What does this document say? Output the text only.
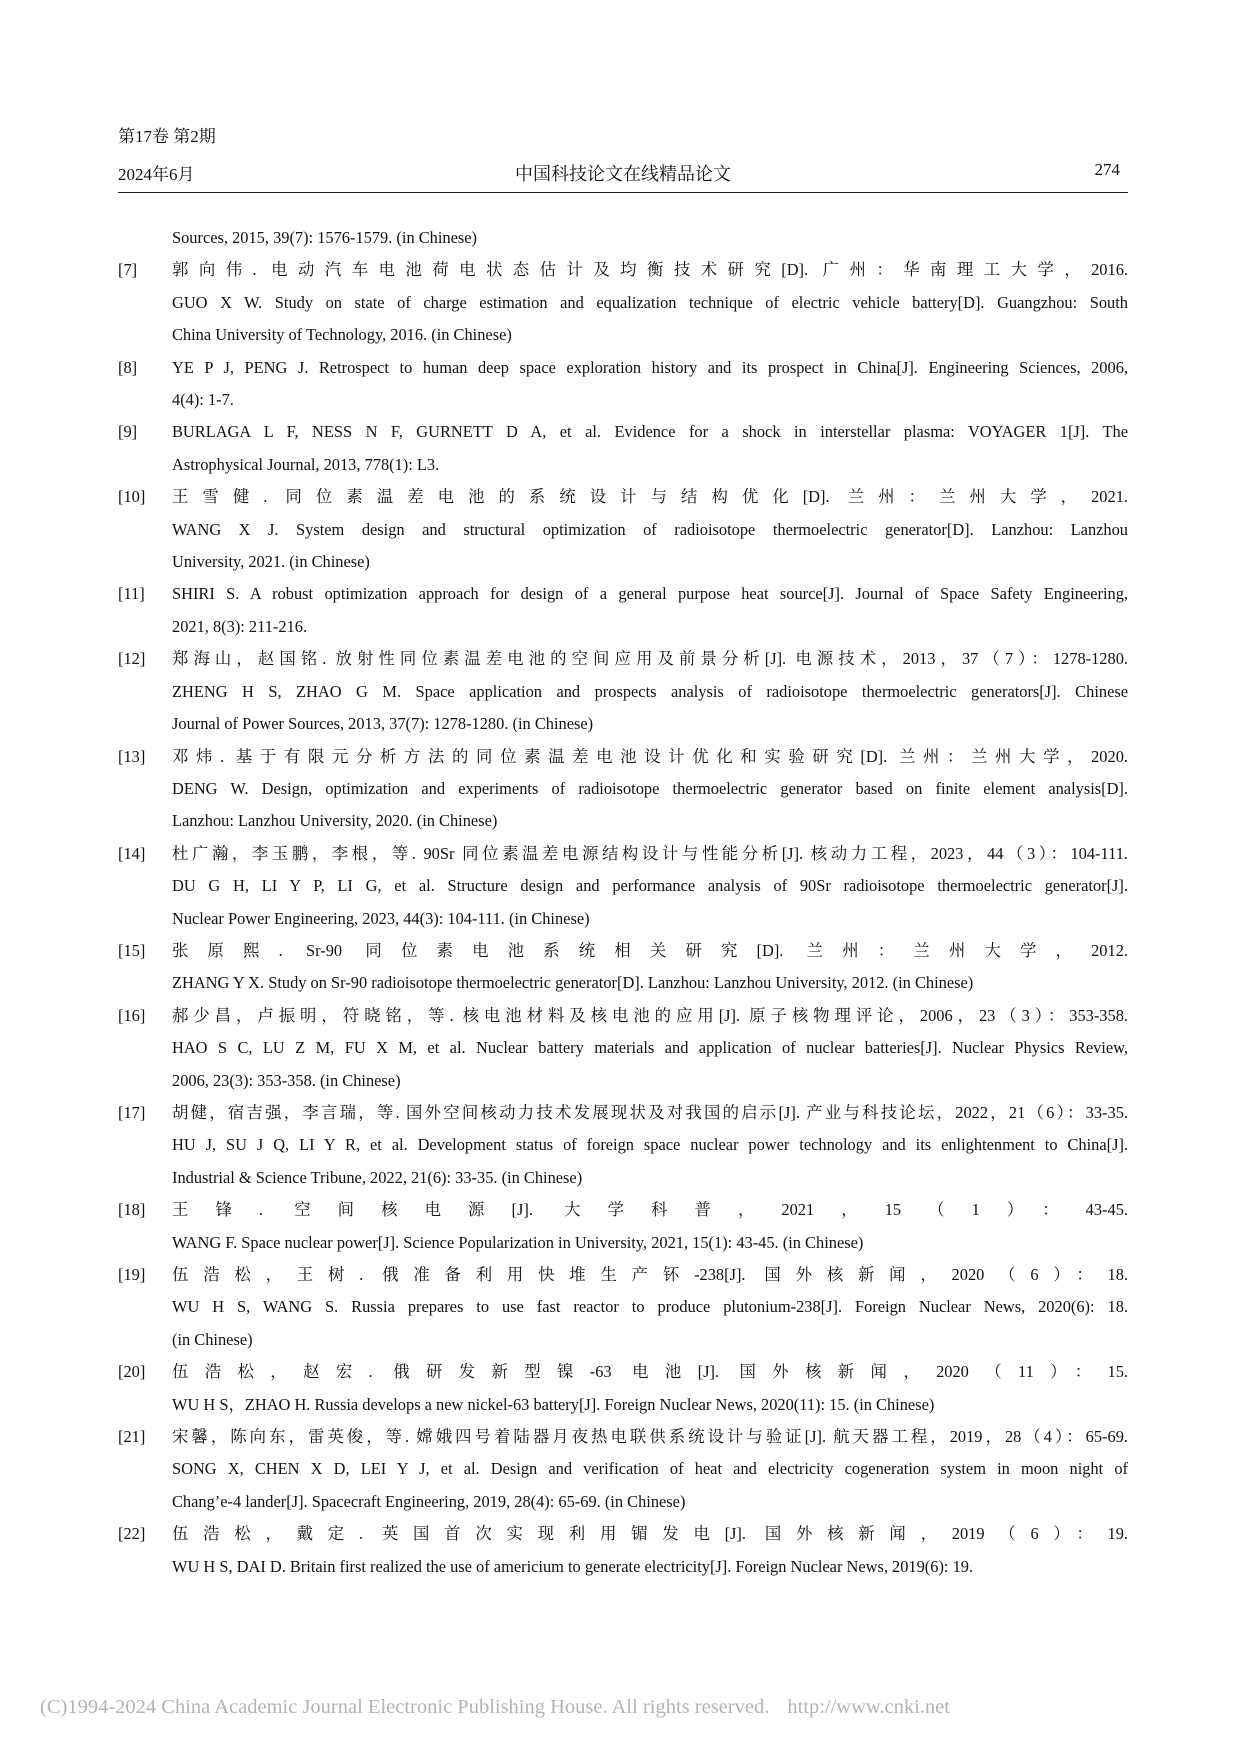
第17卷 第2期
2024年6月	中国科技论文在线精品论文	274
Sources, 2015, 39(7): 1576-1579. (in Chinese)
[7] 郭向伟. 电动汽车电池荷电状态估计及均衡技术研究[D]. 广州：华南理工大学，2016.
GUO X W. Study on state of charge estimation and equalization technique of electric vehicle battery[D]. Guangzhou: South
China University of Technology, 2016. (in Chinese)
[8] YE P J, PENG J. Retrospect to human deep space exploration history and its prospect in China[J]. Engineering Sciences, 2006,
4(4): 1-7.
[9] BURLAGA L F, NESS N F, GURNETT D A, et al. Evidence for a shock in interstellar plasma: VOYAGER 1[J]. The
Astrophysical Journal, 2013, 778(1): L3.
[10] 王雪健. 同位素温差电池的系统设计与结构优化[D]. 兰州：兰州大学，2021.
WANG X J. System design and structural optimization of radioisotope thermoelectric generator[D]. Lanzhou: Lanzhou
University, 2021. (in Chinese)
[11] SHIRI S. A robust optimization approach for design of a general purpose heat source[J]. Journal of Space Safety Engineering,
2021, 8(3): 211-216.
[12] 郑海山，赵国铭. 放射性同位素温差电池的空间应用及前景分析[J]. 电源技术，2013，37（7）：1278-1280.
ZHENG H S, ZHAO G M. Space application and prospects analysis of radioisotope thermoelectric generators[J]. Chinese
Journal of Power Sources, 2013, 37(7): 1278-1280. (in Chinese)
[13] 邓炜. 基于有限元分析方法的同位素温差电池设计优化和实验研究[D]. 兰州：兰州大学，2020.
DENG W. Design, optimization and experiments of radioisotope thermoelectric generator based on finite element analysis[D].
Lanzhou: Lanzhou University, 2020. (in Chinese)
[14] 杜广瀚，李玉鹏，李根，等. 90Sr 同位素温差电源结构设计与性能分析[J]. 核动力工程，2023，44（3）：104-111.
DU G H, LI Y P, LI G, et al. Structure design and performance analysis of 90Sr radioisotope thermoelectric generator[J].
Nuclear Power Engineering, 2023, 44(3): 104-111. (in Chinese)
[15] 张原熙. Sr-90 同位素电池系统相关研究[D]. 兰州：兰州大学，2012.
ZHANG Y X. Study on Sr-90 radioisotope thermoelectric generator[D]. Lanzhou: Lanzhou University, 2012. (in Chinese)
[16] 郝少昌，卢振明，符晓铭，等. 核电池材料及核电池的应用[J]. 原子核物理评论，2006，23（3）：353-358.
HAO S C, LU Z M, FU X M, et al. Nuclear battery materials and application of nuclear batteries[J]. Nuclear Physics Review,
2006, 23(3): 353-358. (in Chinese)
[17] 胡健，宿吉强，李言瑞，等. 国外空间核动力技术发展现状及对我国的启示[J]. 产业与科技论坛，2022，21（6）：33-35.
HU J, SU J Q, LI Y R, et al. Development status of foreign space nuclear power technology and its enlightenment to China[J].
Industrial & Science Tribune, 2022, 21(6): 33-35. (in Chinese)
[18] 王锋. 空间核电源[J]. 大学科普，2021，15（1）：43-45.
WANG F. Space nuclear power[J]. Science Popularization in University, 2021, 15(1): 43-45. (in Chinese)
[19] 伍浩松，王树. 俄准备利用快堆生产钚-238[J]. 国外核新闻，2020（6）：18.
WU H S, WANG S. Russia prepares to use fast reactor to produce plutonium-238[J]. Foreign Nuclear News, 2020(6): 18.
(in Chinese)
[20] 伍浩松，赵宏. 俄研发新型镍-63 电池[J]. 国外核新闻，2020（11）：15.
WU H S，ZHAO H. Russia develops a new nickel-63 battery[J]. Foreign Nuclear News, 2020(11): 15. (in Chinese)
[21] 宋馨，陈向东，雷英俊，等. 嫦娥四号着陆器月夜热电联供系统设计与验证[J]. 航天器工程，2019，28（4）：65-69.
SONG X, CHEN X D, LEI Y J, et al. Design and verification of heat and electricity cogeneration system in moon night of
Chang’e-4 lander[J]. Spacecraft Engineering, 2019, 28(4): 65-69. (in Chinese)
[22] 伍浩松，戴定. 英国首次实现利用镅发电[J]. 国外核新闻，2019（6）：19.
WU H S, DAI D. Britain first realized the use of americium to generate electricity[J]. Foreign Nuclear News, 2019(6): 19.
(C)1994-2024 China Academic Journal Electronic Publishing House. All rights reserved. http://www.cnki.net
